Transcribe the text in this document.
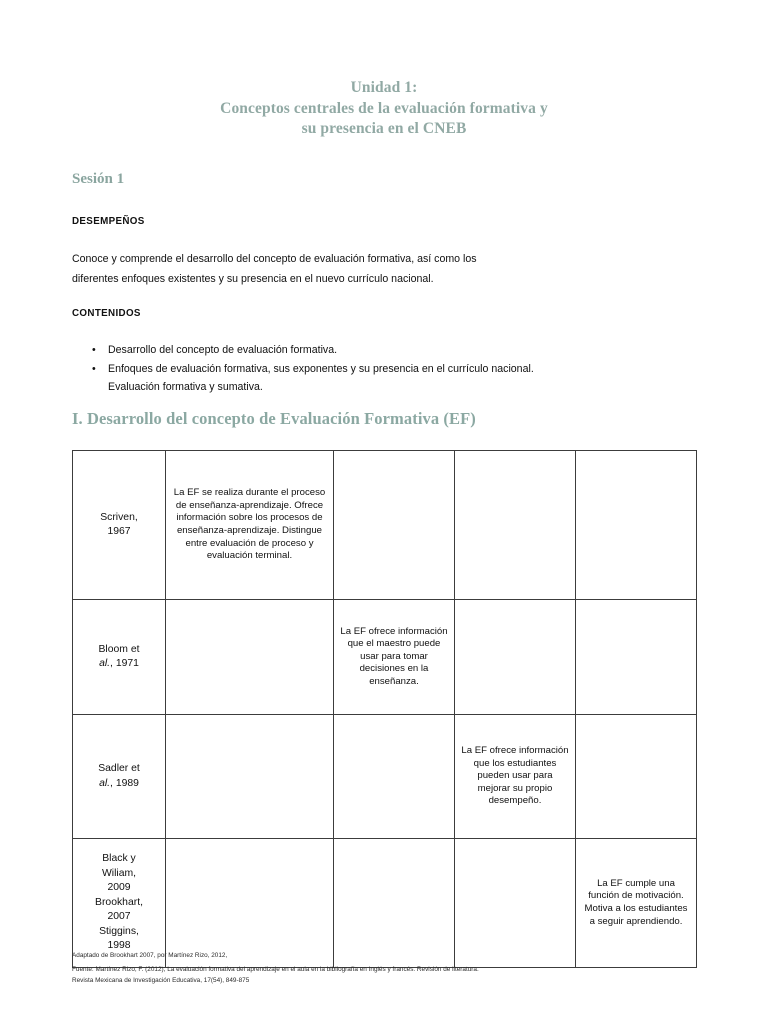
Unidad 1:
Conceptos centrales de la evaluación formativa y
su presencia en el CNEB
Sesión 1
DESEMPEÑOS
Conoce y comprende el desarrollo del concepto de evaluación formativa, así como los
diferentes enfoques existentes y su presencia en el nuevo currículo nacional.
CONTENIDOS
• Desarrollo del concepto de evaluación formativa.
• Enfoques de evaluación formativa, sus exponentes y su presencia en el currículo nacional.
Evaluación formativa y sumativa.
I. Desarrollo del concepto de Evaluación Formativa (EF)
Scriven,
1967	La EF se realiza durante el proceso de enseñanza-aprendizaje. Ofrece información sobre los procesos de enseñanza-aprendizaje. Distingue entre evaluación de proceso y evaluación terminal.			

Bloom et
al., 1971		La EF ofrece información que el maestro puede usar para tomar decisiones en la enseñanza.		

Sadler et
al., 1989			La EF ofrece información que los estudiantes pueden usar para mejorar su propio desempeño.	

Black y
Wiliam,
2009
Brookhart,
2007
Stiggins,
1998
				La EF cumple una función de motivación. Motiva a los estudiantes a seguir aprendiendo.
Adaptado de Brookhart 2007, por Martínez Rizo, 2012,
Fuente: Martínez Rizo, F. (2012), La evaluación formativa del aprendizaje en el aula en la bibliografía en Inglés y francés. Revisión de literatura.
Revista Mexicana de Investigación Educativa, 17(54), 849-875
